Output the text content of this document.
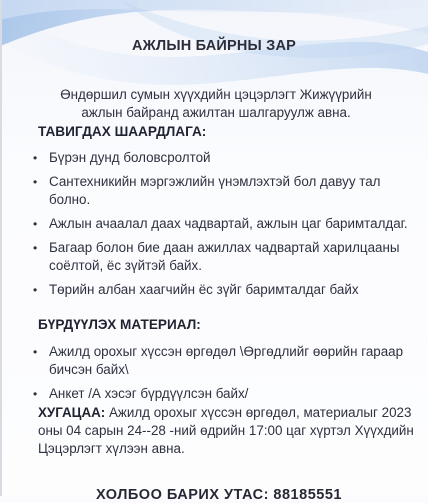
АЖЛЫН БАЙРНЫ ЗАР
Өндөршил сумын хүүхдийн цэцэрлэгт Жижүүрийн ажлын байранд ажилтан шалгаруулж авна.
ТАВИГДАХ ШААРДЛАГА:
• Бүрэн дунд боловсролтой
• Сантехникийн мэргэжлийн үнэмлэхтэй бол давуу тал болно.
• Ажлын ачаалал даах чадвартай, ажлын цаг баримталдаг.
• Багаар болон бие даан ажиллах чадвартай харилцааны соёлтой, ёс зүйтэй байх.
• Төрийн албан хаагчийн ёс зүйг баримталдаг байх
БҮРДҮҮЛЭХ МАТЕРИАЛ:
• Ажилд орохыг хүссэн өргөдөл \Өргөдлийг өөрийн гараар бичсэн байх\
• Анкет /А хэсэг бүрдүүлсэн байх/
ХУГАЦАА: Ажилд орохыг хүссэн өргөдөл, материалыг 2023 оны 04 сарын 24--28 -ний өдрийн 17:00 цаг хүртэл Хүүхдийн Цэцэрлэгт хүлээн авна.
ХОЛБОО БАРИХ УТАС: 88185551
